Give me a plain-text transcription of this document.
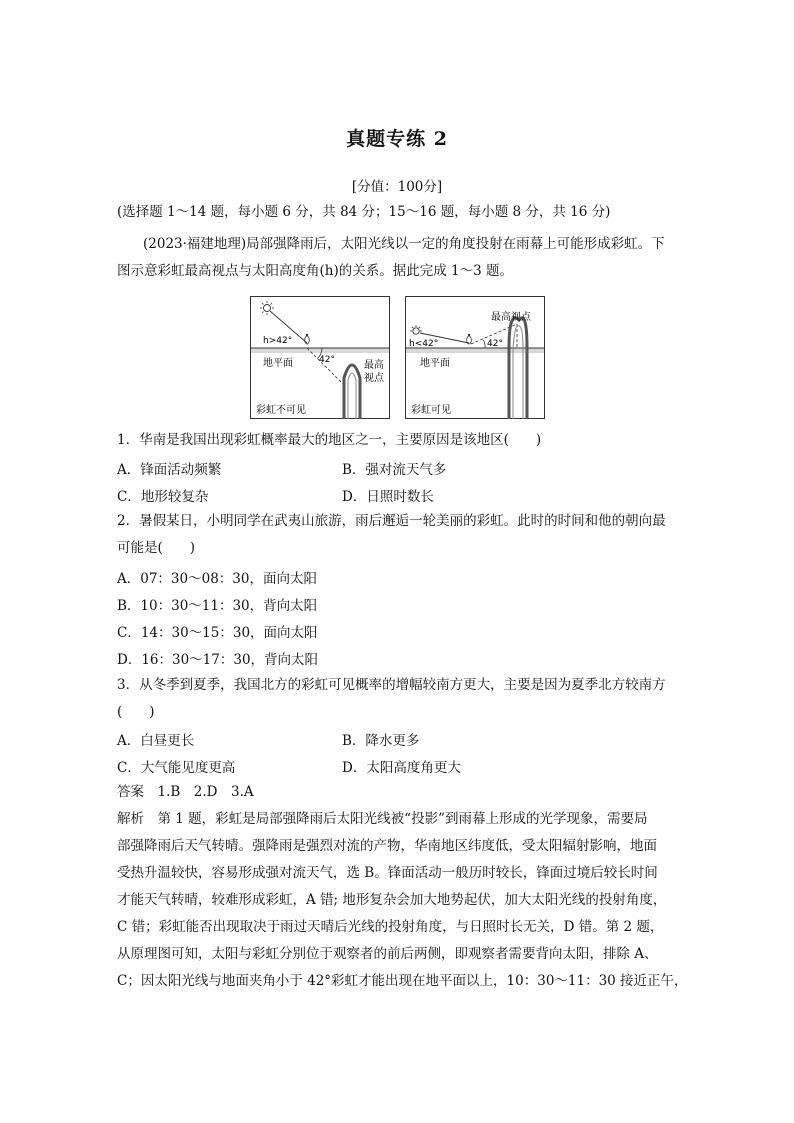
真题专练 2
[分值：100分]
(选择题 1～14 题，每小题 6 分，共 84 分；15～16 题，每小题 8 分，共 16 分)
(2023·福建地理)局部强降雨后，太阳光线以一定的角度投射在雨幕上可能形成彩虹。下
图示意彩虹最高视点与太阳高度角(h)的关系。据此完成 1～3 题。
h>42°
地平面	42°	最高
视点
彩虹不可见
h<42°
地平面
42°
最高视点
彩虹可见
1．华南是我国出现彩虹概率最大的地区之一，主要原因是该地区(　　)
A．锋面活动频繁	B．强对流天气多
C．地形较复杂	D．日照时数长
2．暑假某日，小明同学在武夷山旅游，雨后邂逅一轮美丽的彩虹。此时的时间和他的朝向最
可能是(　　)
A．07：30～08：30，面向太阳
B．10：30～11：30，背向太阳
C．14：30～15：30，面向太阳
D．16：30～17：30，背向太阳
3．从冬季到夏季，我国北方的彩虹可见概率的增幅较南方更大，主要是因为夏季北方较南方
(　　)
A．白昼更长	B．降水更多
C．大气能见度更高	D．太阳高度角更大
答案　1.B　2.D　3.A
解析　第 1 题，彩虹是局部强降雨后太阳光线被“投影”到雨幕上形成的光学现象，需要局
部强降雨后天气转晴。强降雨是强烈对流的产物，华南地区纬度低，受太阳辐射影响，地面
受热升温较快，容易形成强对流天气，选 B。锋面活动一般历时较长，锋面过境后较长时间
才能天气转晴，较难形成彩虹，A 错; 地形复杂会加大地势起伏，加大太阳光线的投射角度，
C 错；彩虹能否出现取决于雨过天晴后光线的投射角度，与日照时长无关，D 错。第 2 题，
从原理图可知，太阳与彩虹分别位于观察者的前后两侧，即观察者需要背向太阳，排除 A、
C；因太阳光线与地面夹角小于 42°彩虹才能出现在地平面以上，10：30～11：30 接近正午，
